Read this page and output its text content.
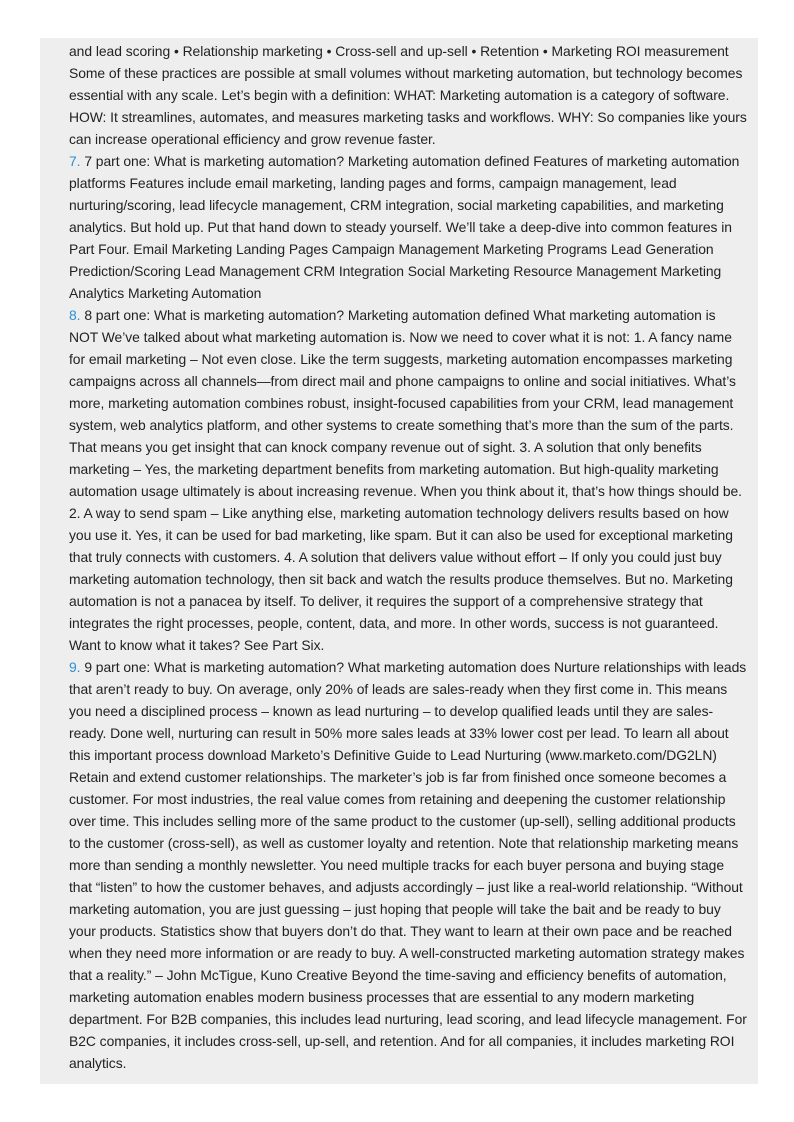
and lead scoring • Relationship marketing • Cross-sell and up-sell • Retention • Marketing ROI measurement Some of these practices are possible at small volumes without marketing automation, but technology becomes essential with any scale. Let’s begin with a definition: WHAT: Marketing automation is a category of software. HOW: It streamlines, automates, and measures marketing tasks and workflows. WHY: So companies like yours can increase operational efficiency and grow revenue faster.

7. 7 part one: What is marketing automation? Marketing automation defined Features of marketing automation platforms Features include email marketing, landing pages and forms, campaign management, lead nurturing/scoring, lead lifecycle management, CRM integration, social marketing capabilities, and marketing analytics. But hold up. Put that hand down to steady yourself. We’ll take a deep-dive into common features in Part Four. Email Marketing Landing Pages Campaign Management Marketing Programs Lead Generation Prediction/Scoring Lead Management CRM Integration Social Marketing Resource Management Marketing Analytics Marketing Automation

8. 8 part one: What is marketing automation? Marketing automation defined What marketing automation is NOT We’ve talked about what marketing automation is. Now we need to cover what it is not: 1. A fancy name for email marketing – Not even close. Like the term suggests, marketing automation encompasses marketing campaigns across all channels—from direct mail and phone campaigns to online and social initiatives. What’s more, marketing automation combines robust, insight-focused capabilities from your CRM, lead management system, web analytics platform, and other systems to create something that’s more than the sum of the parts. That means you get insight that can knock company revenue out of sight. 3. A solution that only benefits marketing – Yes, the marketing department benefits from marketing automation. But high-quality marketing automation usage ultimately is about increasing revenue. When you think about it, that’s how things should be. 2. A way to send spam – Like anything else, marketing automation technology delivers results based on how you use it. Yes, it can be used for bad marketing, like spam. But it can also be used for exceptional marketing that truly connects with customers. 4. A solution that delivers value without effort – If only you could just buy marketing automation technology, then sit back and watch the results produce themselves. But no. Marketing automation is not a panacea by itself. To deliver, it requires the support of a comprehensive strategy that integrates the right processes, people, content, data, and more. In other words, success is not guaranteed. Want to know what it takes? See Part Six.

9. 9 part one: What is marketing automation? What marketing automation does Nurture relationships with leads that aren’t ready to buy. On average, only 20% of leads are sales-ready when they first come in. This means you need a disciplined process – known as lead nurturing – to develop qualified leads until they are sales-ready. Done well, nurturing can result in 50% more sales leads at 33% lower cost per lead. To learn all about this important process download Marketo’s Definitive Guide to Lead Nurturing (www.marketo.com/DG2LN) Retain and extend customer relationships. The marketer’s job is far from finished once someone becomes a customer. For most industries, the real value comes from retaining and deepening the customer relationship over time. This includes selling more of the same product to the customer (up-sell), selling additional products to the customer (cross-sell), as well as customer loyalty and retention. Note that relationship marketing means more than sending a monthly newsletter. You need multiple tracks for each buyer persona and buying stage that “listen” to how the customer behaves, and adjusts accordingly – just like a real-world relationship. “Without marketing automation, you are just guessing – just hoping that people will take the bait and be ready to buy your products. Statistics show that buyers don’t do that. They want to learn at their own pace and be reached when they need more information or are ready to buy. A well-constructed marketing automation strategy makes that a reality.” – John McTigue, Kuno Creative Beyond the time-saving and efficiency benefits of automation, marketing automation enables modern business processes that are essential to any modern marketing department. For B2B companies, this includes lead nurturing, lead scoring, and lead lifecycle management. For B2C companies, it includes cross-sell, up-sell, and retention. And for all companies, it includes marketing ROI analytics.
